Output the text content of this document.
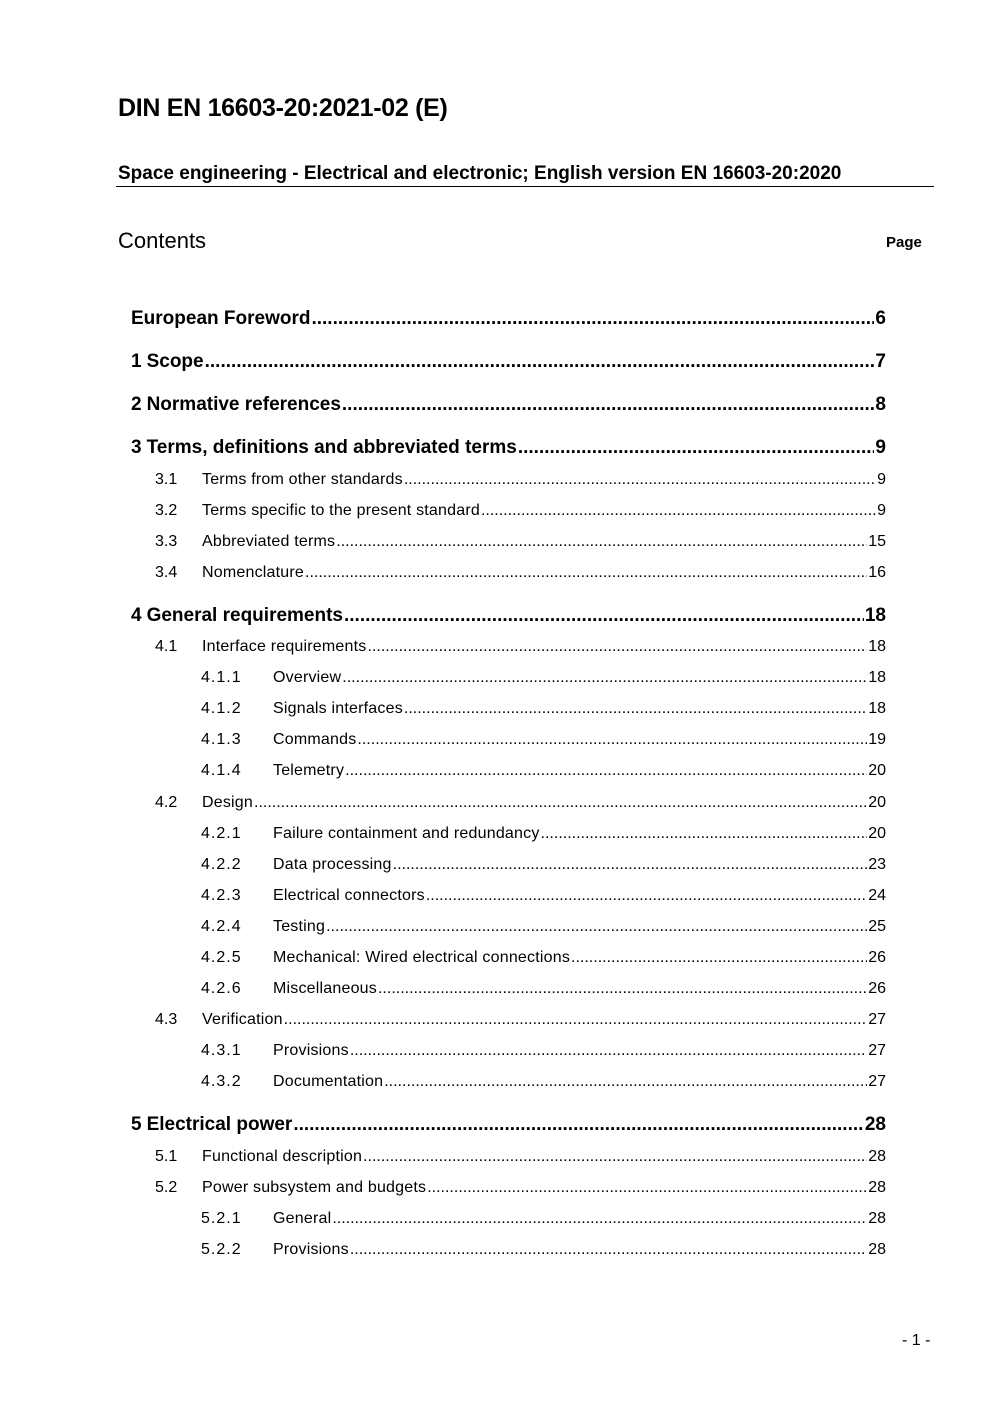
DIN EN 16603-20:2021-02 (E)
Space engineering - Electrical and electronic; English version EN 16603-20:2020
Contents	Page
European Foreword .....	6
1 Scope .....	7
2 Normative references .....	8
3 Terms, definitions and abbreviated terms .....	9
3.1	Terms from other standards .....	9
3.2	Terms specific to the present standard .....	9
3.3	Abbreviated terms .....	15
3.4	Nomenclature .....	16
4 General requirements .....	18
4.1	Interface requirements .....	18
4.1.1	Overview .....	18
4.1.2	Signals interfaces .....	18
4.1.3	Commands .....	19
4.1.4	Telemetry .....	20
4.2	Design .....	20
4.2.1	Failure containment and redundancy .....	20
4.2.2	Data processing .....	23
4.2.3	Electrical connectors .....	24
4.2.4	Testing .....	25
4.2.5	Mechanical: Wired electrical connections .....	26
4.2.6	Miscellaneous .....	26
4.3	Verification .....	27
4.3.1	Provisions .....	27
4.3.2	Documentation .....	27
5 Electrical power .....	28
5.1	Functional description .....	28
5.2	Power subsystem and budgets .....	28
5.2.1	General .....	28
5.2.2	Provisions .....	28
- 1 -
